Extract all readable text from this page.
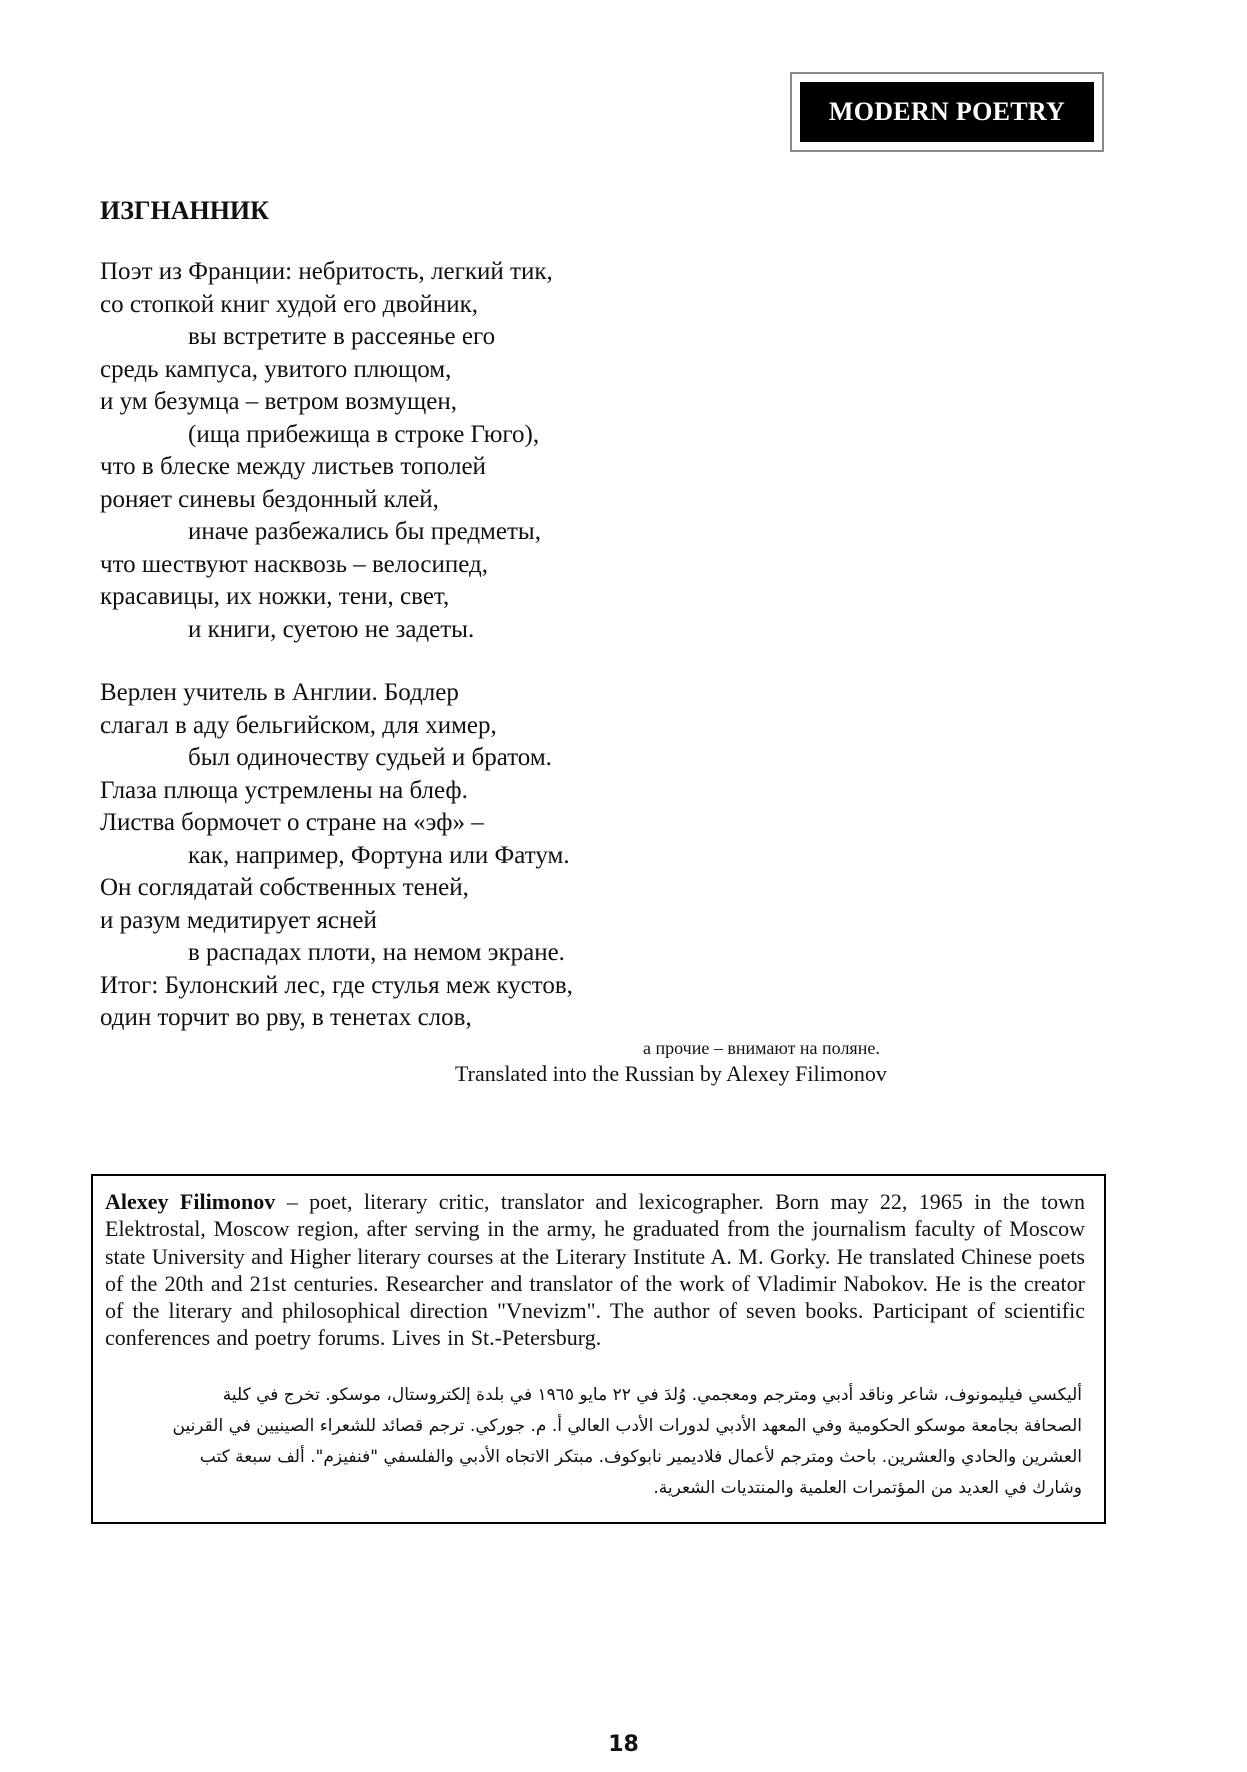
MODERN POETRY
ИЗГНАННИК
Поэт из Франции: небритость, легкий тик,
со стопкой книг худой его двойник,
вы встретите в рассеянье его
средь кампуса, увитого плющом,
и ум безумца – ветром возмущен,
(ища прибежища в строке Гюго),
что в блеске между листьев тополей
роняет синевы бездонный клей,
иначе разбежались бы предметы,
что шествуют насквозь – велосипед,
красавицы, их ножки, тени, свет,
и книги, суетою не задеты.
Верлен учитель в Англии. Бодлер
слагал в аду бельгийском, для химер,
был одиночеству судьей и братом.
Глаза плюща устремлены на блеф.
Листва бормочет о стране на «эф» –
как, например, Фортуна или Фатум.
Он соглядатай собственных теней,
и разум медитирует ясней
в распадах плоти, на немом экране.
Итог: Булонский лес, где стулья меж кустов,
один торчит во рву, в тенетах слов,
а прочие – внимают на поляне.
Translated into the Russian by Alexey Filimonov
Alexey Filimonov – poet, literary critic, translator and lexicographer. Born may 22, 1965 in the town Elektrostal, Moscow region, after serving in the army, he graduated from the journalism faculty of Moscow state University and Higher literary courses at the Literary Institute A. M. Gorky. He translated Chinese poets of the 20th and 21st centuries. Researcher and translator of the work of Vladimir Nabokov. He is the creator of the literary and philosophical direction "Vnevizm". The author of seven books. Participant of scientific conferences and poetry forums. Lives in St.-Petersburg.
أليكسي فيليمونوف، شاعر وناقد أدبي ومترجم ومعجمي. وُلدَ في ٢٢ مايو ١٩٦٥ في بلدة إلكتروستال، موسكو. تخرج في كلية
الصحافة بجامعة موسكو الحكومية وفي المعهد الأدبي لدورات الأدب العالي أ. م. جوركي. ترجم قصائد للشعراء الصينيين في القرنين
العشرين والحادي والعشرين. باحث ومترجم لأعمال فلاديمير نابوكوف. مبتكر الاتجاه الأدبي والفلسفي "فنفيزم". ألف سبعة كتب
وشارك في العديد من المؤتمرات العلمية والمنتديات الشعرية.
18
